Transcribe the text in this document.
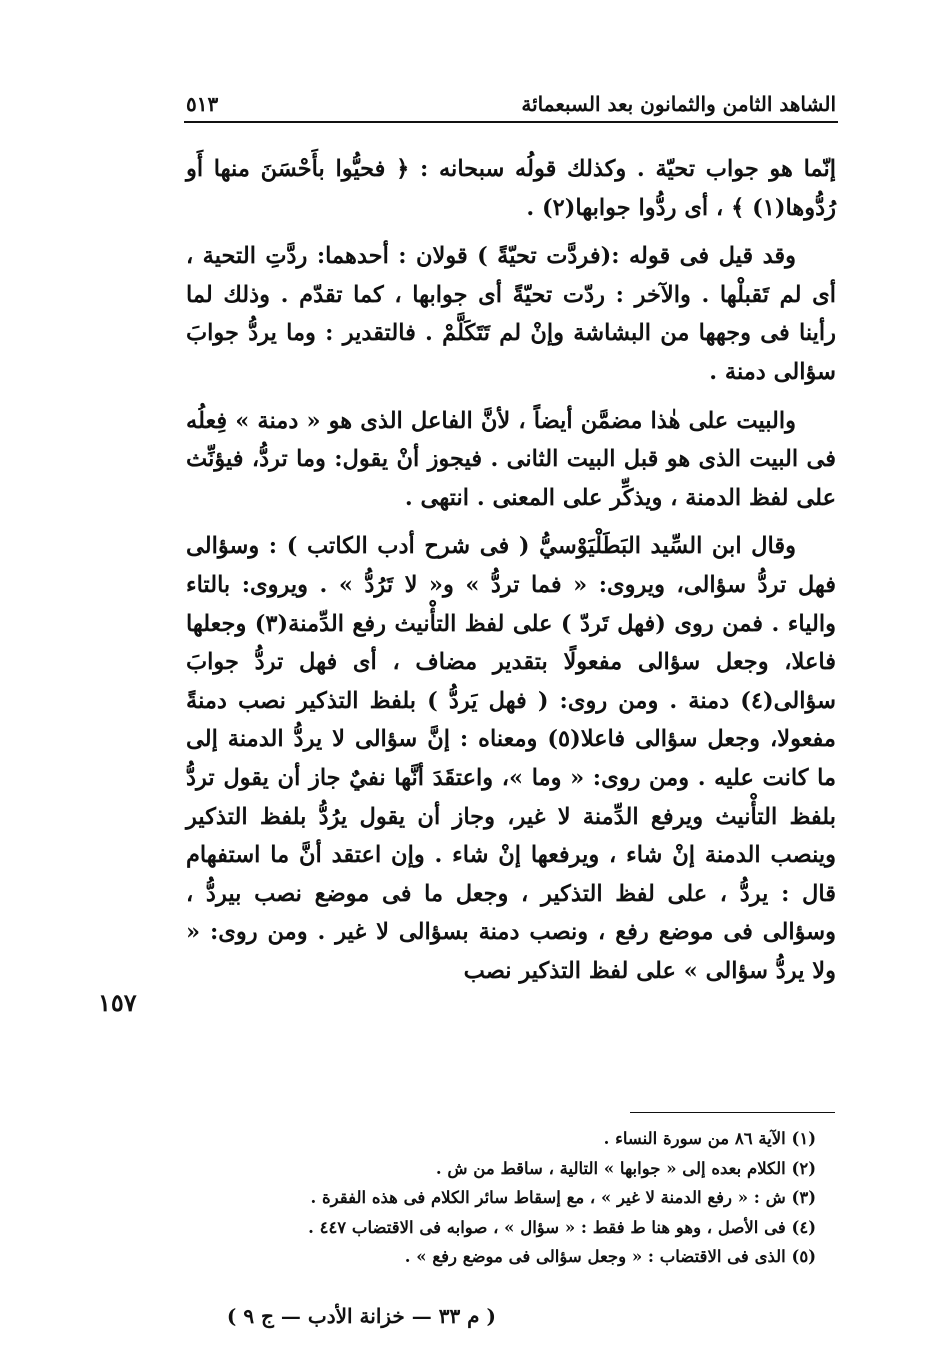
الشاهد الثامن والثمانون بعد السبعمائة
٥١٣

إنّما هو جواب تحيّة . وكذلك قولُه سبحانه : ﴿ فحيُّوا بأَحْسَنَ منها أَو رُدُّوها(١) ﴾ ، أى ردُّوا جوابها(٢) .

وقد قيل فى قوله :(فردَّت تحيّةً ) قولان : أحدهما: ردَّتِ التحية ، أى لم تَقبلْها . والآخر : ردّت تحيّةً أى جوابها ، كما تقدّم . وذلك لما رأينا فى وجهها من البشاشة وإنْ لم تَتَكَلَّمْ . فالتقدير : وما يردُّ جوابَ سؤالى دمنة .

والبيت على هٰذا مضمَّن أيضاً ، لأنَّ الفاعل الذى هو « دمنة » فِعلُه فى البيت الذى هو قبل البيت الثانى . فيجوز أنْ يقول: وما تردُّ، فيؤنِّث على لفظ الدمنة ، ويذكِّر على المعنى . انتهى .

وقال ابن السِّيد البَطَلْيَوْسيُّ ( فى شرح أدب الكاتب ) : وسؤالى فهل تردُّ سؤالى، ويروى: « فما تردُّ » و« لا تَرُدُّ » . ويروى: بالتاء والياء . فمن روى (فهل تَردّ ) على لفظ التأْنيث رفع الدِّمنة(٣) وجعلها فاعلا، وجعل سؤالى مفعولًا بتقدير مضاف ، أى فهل تردُّ جوابَ سؤالى(٤) دمنة . ومن روى: ( فهل يَردُّ ) بلفظ التذكير نصب دمنةً مفعولا، وجعل سؤالى فاعلا(٥) ومعناه : إنَّ سؤالى لا يردُّ الدمنة إلى ما كانت عليه . ومن روى: « وما »، واعتقَدَ أنَّها نفيٌ جاز أن يقول تردُّ بلفظ التأْنيث ويرفع الدِّمنة لا غير، وجاز أن يقول يرُدُّ بلفظ التذكير وينصب الدمنة إنْ شاء ، ويرفعها إنْ شاء . وإن اعتقد أنَّ ما استفهام قال : يردُّ ، على لفظ التذكير ، وجعل ما فى موضع نصب بيردُّ ، وسؤالى فى موضع رفع ، ونصب دمنة بسؤالى لا غير . ومن روى: « ولا يردُّ سؤالى » على لفظ التذكير نصب

١٥٧
(١) الآية ٨٦ من سورة النساء .
(٢) الكلام بعده إلى « جوابها » التالية ، ساقط من ش .
(٣) ش : « رفع الدمنة لا غير » ، مع إسقاط سائر الكلام فى هذه الفقرة .
(٤) فى الأصل ، وهو هنا ط فقط : « سؤال » ، صوابه فى الاقتضاب ٤٤٧ .
(٥) الذى فى الاقتضاب : « وجعل سؤالى فى موضع رفع » .
( م ٣٣ — خزانة الأدب — ج ٩ )
